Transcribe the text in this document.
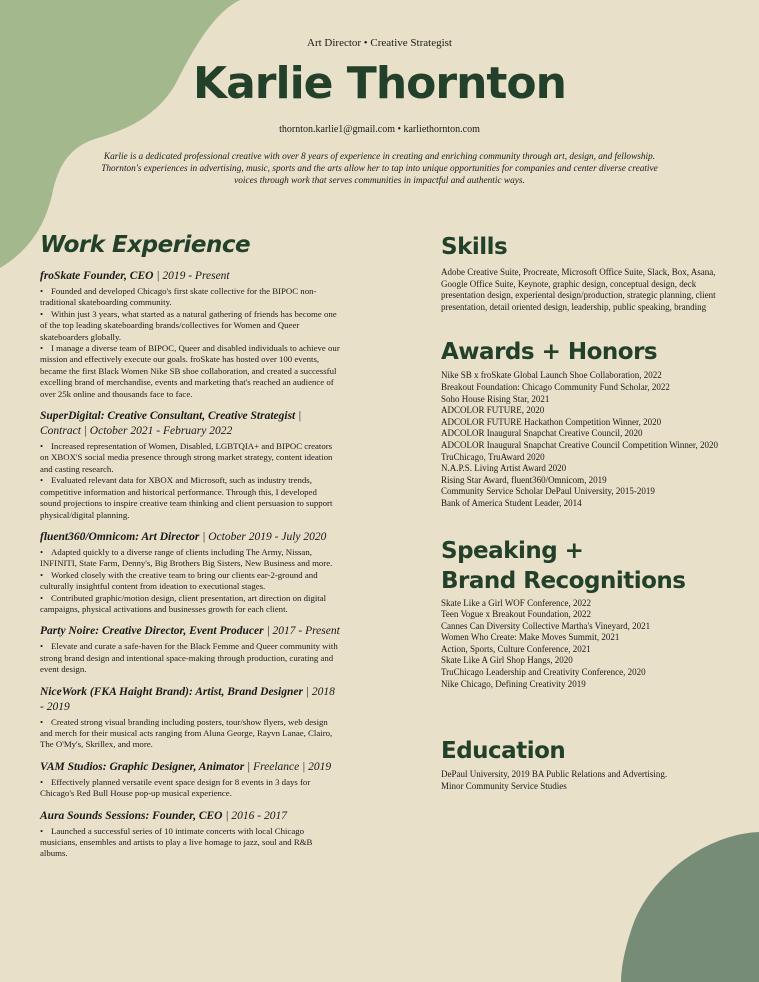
Art Director • Creative Strategist
Karlie Thornton
thornton.karlie1@gmail.com • karliethornton.com
Karlie is a dedicated professional creative with over 8 years of experience in creating and enriching community through art, design, and fellowship. Thornton's experiences in advertising, music, sports and the arts allow her to tap into unique opportunities for companies and center diverse creative voices through work that serves communities in impactful and authentic ways.
Work Experience
froSkate Founder, CEO | 2019 - Present
• Founded and developed Chicago's first skate collective for the BIPOC non-traditional skateboarding community.
• Within just 3 years, what started as a natural gathering of friends has become one of the top leading skateboarding brands/collectives for Women and Queer skateboarders globally.
• I manage a diverse team of BIPOC, Queer and disabled individuals to achieve our mission and effectively execute our goals. froSkate has hosted over 100 events, became the first Black Women Nike SB shoe collaboration, and created a successful excelling brand of merchandise, events and marketing that's reached an audience of over 25k online and thousands face to face.
SuperDigital: Creative Consultant, Creative Strategist | Contract | October 2021 - February 2022
• Increased representation of Women, Disabled, LGBTQIA+ and BIPOC creators on XBOX'S social media presence through strong market strategy, content ideation and casting research.
• Evaluated relevant data for XBOX and Microsoft, such as industry trends, competitive information and historical performance. Through this, I developed sound projections to inspire creative team thinking and client persuasion to support physical/digital planning.
fluent360/Omnicom: Art Director | October 2019 - July 2020
• Adapted quickly to a diverse range of clients including The Army, Nissan, INFINITI, State Farm, Denny's, Big Brothers Big Sisters, New Business and more.
• Worked closely with the creative team to bring our clients ear-2-ground and culturally insightful content from ideation to executional stages.
• Contributed graphic/motion design, client presentation, art direction on digital campaigns, physical activations and businesses growth for each client.
Party Noire: Creative Director, Event Producer | 2017 - Present
• Elevate and curate a safe-haven for the Black Femme and Queer community with strong brand design and intentional space-making through production, curating and event design.
NiceWork (FKA Haight Brand): Artist, Brand Designer | 2018 - 2019
• Created strong visual branding including posters, tour/show flyers, web design and merch for their musical acts ranging from Aluna George, Rayvn Lanae, Clairo, The O'My's, Skrillex, and more.
VAM Studios: Graphic Designer, Animator | Freelance | 2019
• Effectively planned versatile event space design for 8 events in 3 days for Chicago's Red Bull House pop-up musical experience.
Aura Sounds Sessions: Founder, CEO | 2016 - 2017
• Launched a successful series of 10 intimate concerts with local Chicago musicians, ensembles and artists to play a live homage to jazz, soul and R&B albums.
Skills
Adobe Creative Suite, Procreate, Microsoft Office Suite, Slack, Box, Asana, Google Office Suite, Keynote, graphic design, conceptual design, deck presentation design, experiental design/production, strategic planning, client presentation, detail oriented design, leadership, public speaking, branding
Awards + Honors
Nike SB x froSkate Global Launch Shoe Collaboration, 2022
Breakout Foundation: Chicago Community Fund Scholar, 2022
Soho House Rising Star, 2021
ADCOLOR FUTURE, 2020
ADCOLOR FUTURE Hackathon Competition Winner, 2020
ADCOLOR Inaugural Snapchat Creative Council, 2020
ADCOLOR Inaugural Snapchat Creative Council Competition Winner, 2020
TruChicago, TruAward 2020
N.A.P.S. Living Artist Award 2020
Rising Star Award, fluent360/Omnicom, 2019
Community Service Scholar DePaul University, 2015-2019
Bank of America Student Leader, 2014
Speaking +
Brand Recognitions
Skate Like a Girl WOF Conference, 2022
Teen Vogue x Breakout Foundation, 2022
Cannes Can Diversity Collective Martha's Vineyard, 2021
Women Who Create: Make Moves Summit, 2021
Action, Sports, Culture Conference, 2021
Skate Like A Girl Shop Hangs, 2020
TruChicago Leadership and Creativity Conference, 2020
Nike Chicago, Defining Creativity 2019
Education
DePaul University, 2019 BA Public Relations and Advertising.
Minor Community Service Studies
